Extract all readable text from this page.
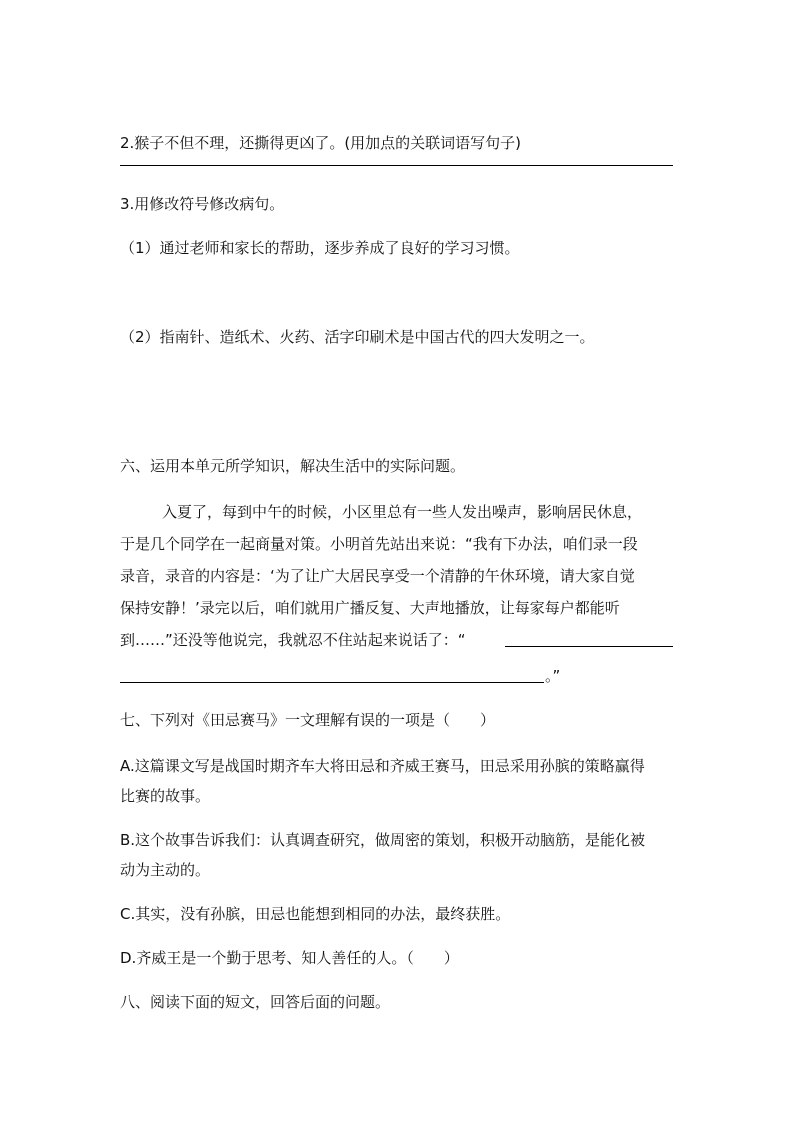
2.猴子不但不理，还撕得更凶了。(用加点的关联词语写句子)
3.用修改符号修改病句。
（1）通过老师和家长的帮助，逐步养成了良好的学习习惯。
（2）指南针、造纸术、火药、活字印刷术是中国古代的四大发明之一。
六、运用本单元所学知识，解决生活中的实际问题。
入夏了，每到中午的时候，小区里总有一些人发出噪声，影响居民休息，
于是几个同学在一起商量对策。小明首先站出来说：“我有下办法，咱们录一段
录音，录音的内容是：‘为了让广大居民享受一个清静的午休环境，请大家自觉
保持安静！’录完以后，咱们就用广播反复、大声地播放，让每家每户都能听
到……”还没等他说完，我就忍不住站起来说话了：“
。”
七、下列对《田忌赛马》一文理解有误的一项是（　　）
A.这篇课文写是战国时期齐车大将田忌和齐威王赛马，田忌采用孙膑的策略赢得
比赛的故事。
B.这个故事告诉我们：认真调查研究，做周密的策划，积极开动脑筋，是能化被
动为主动的。
C.其实，没有孙膑，田忌也能想到相同的办法，最终获胜。
D.齐威王是一个勤于思考、知人善任的人。（　　）
八、阅读下面的短文，回答后面的问题。
